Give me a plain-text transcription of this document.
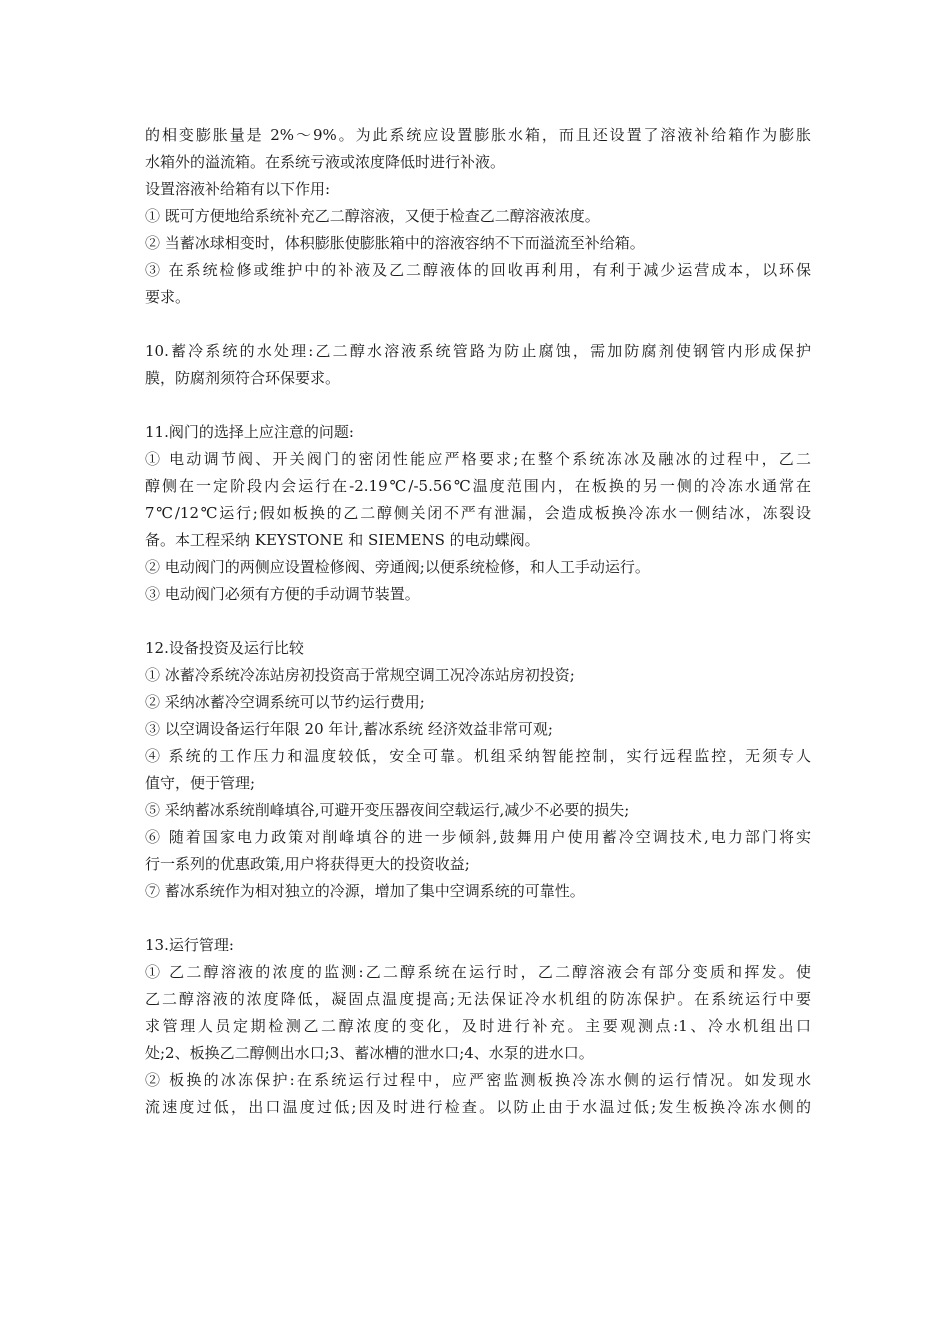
的相变膨胀量是 2%～9%。为此系统应设置膨胀水箱，而且还设置了溶液补给箱作为膨胀
水箱外的溢流箱。在系统亏液或浓度降低时进行补液。
设置溶液补给箱有以下作用:
① 既可方便地给系统补充乙二醇溶液，又便于检查乙二醇溶液浓度。
② 当蓄冰球相变时，体积膨胀使膨胀箱中的溶液容纳不下而溢流至补给箱。
③ 在系统检修或维护中的补液及乙二醇液体的回收再利用，有利于减少运营成本，以环保
要求。
10.蓄冷系统的水处理:乙二醇水溶液系统管路为防止腐蚀，需加防腐剂使钢管内形成保护
膜，防腐剂须符合环保要求。
11.阀门的选择上应注意的问题:
① 电动调节阀、开关阀门的密闭性能应严格要求;在整个系统冻冰及融冰的过程中，乙二
醇侧在一定阶段内会运行在-2.19℃/-5.56℃温度范围内，在板换的另一侧的冷冻水通常在
7℃/12℃运行;假如板换的乙二醇侧关闭不严有泄漏，会造成板换冷冻水一侧结冰，冻裂设
备。本工程采纳 KEYSTONE 和 SIEMENS 的电动蝶阀。
② 电动阀门的两侧应设置检修阀、旁通阀;以便系统检修，和人工手动运行。
③ 电动阀门必须有方便的手动调节装置。
12.设备投资及运行比较
① 冰蓄冷系统冷冻站房初投资高于常规空调工况冷冻站房初投资;
② 采纳冰蓄冷空调系统可以节约运行费用;
③ 以空调设备运行年限 20 年计,蓄冰系统 经济效益非常可观;
④ 系统的工作压力和温度较低，安全可靠。机组采纳智能控制，实行远程监控，无须专人
值守，便于管理;
⑤ 采纳蓄冰系统削峰填谷,可避开变压器夜间空载运行,减少不必要的损失;
⑥ 随着国家电力政策对削峰填谷的进一步倾斜,鼓舞用户使用蓄冷空调技术,电力部门将实
行一系列的优惠政策,用户将获得更大的投资收益;
⑦ 蓄冰系统作为相对独立的冷源，增加了集中空调系统的可靠性。
13.运行管理:
① 乙二醇溶液的浓度的监测:乙二醇系统在运行时，乙二醇溶液会有部分变质和挥发。使
乙二醇溶液的浓度降低，凝固点温度提高;无法保证冷水机组的防冻保护。在系统运行中要
求管理人员定期检测乙二醇浓度的变化，及时进行补充。主要观测点:1、冷水机组出口
处;2、板换乙二醇侧出水口;3、蓄冰槽的泄水口;4、水泵的进水口。
② 板换的冰冻保护:在系统运行过程中，应严密监测板换冷冻水侧的运行情况。如发现水
流速度过低，出口温度过低;因及时进行检查。以防止由于水温过低;发生板换冷冻水侧的
